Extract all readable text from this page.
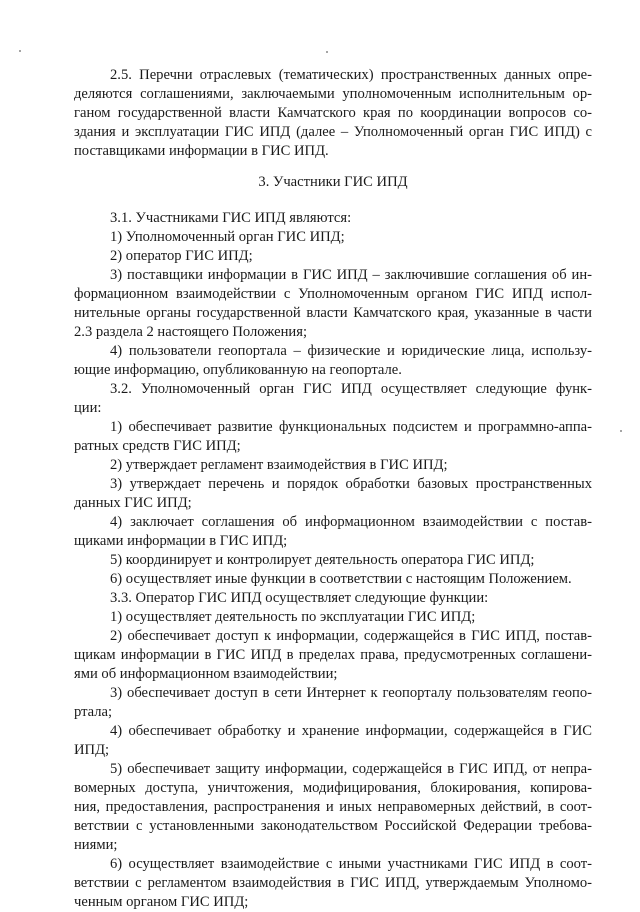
3. Участники ГИС ИПД

2.5. Перечни отраслевых (тематических) пространственных данных опре-

деляются соглашениями, заключаемыми уполномоченным исполнительным ор-

ганом государственной власти Камчатского края по координации вопросов со-

здания и эксплуатации ГИС ИПД (далее – Уполномоченный орган ГИС ИПД) с

поставщиками информации в ГИС ИПД.

3.1. Участниками ГИС ИПД являются:

1) Уполномоченный орган ГИС ИПД;

2) оператор ГИС ИПД;

3) поставщики информации в ГИС ИПД – заключившие соглашения об ин-

формационном взаимодействии с Уполномоченным органом ГИС ИПД испол-

нительные органы государственной власти Камчатского края, указанные в части

2.3 раздела 2 настоящего Положения;

4) пользователи геопортала – физические и юридические лица, использу-

ющие информацию, опубликованную на геопортале.

3.2. Уполномоченный орган ГИС ИПД осуществляет следующие функ-

ции:

1) обеспечивает развитие функциональных подсистем и программно-аппа-

ратных средств ГИС ИПД;

2) утверждает регламент взаимодействия в ГИС ИПД;

3) утверждает перечень и порядок обработки базовых пространственных

данных ГИС ИПД;

4) заключает соглашения об информационном взаимодействии с постав-

щиками информации в ГИС ИПД;

5) координирует и контролирует деятельность оператора ГИС ИПД;

6) осуществляет иные функции в соответствии с настоящим Положением.

3.3. Оператор ГИС ИПД осуществляет следующие функции:

1) осуществляет деятельность по эксплуатации ГИС ИПД;

2) обеспечивает доступ к информации, содержащейся в ГИС ИПД, постав-

щикам информации в ГИС ИПД в пределах права, предусмотренных соглашени-

ями об информационном взаимодействии;

3) обеспечивает доступ в сети Интернет к геопорталу пользователям геопо-

ртала;

4) обеспечивает обработку и хранение информации, содержащейся в ГИС

ИПД;

5) обеспечивает защиту информации, содержащейся в ГИС ИПД, от непра-

вомерных доступа, уничтожения, модифицирования, блокирования, копирова-

ния, предоставления, распространения и иных неправомерных действий, в соот-

ветствии с установленными законодательством Российской Федерации требова-

ниями;

6) осуществляет взаимодействие с иными участниками ГИС ИПД в соот-

ветствии с регламентом взаимодействия в ГИС ИПД, утверждаемым Уполномо-

ченным органом ГИС ИПД;
